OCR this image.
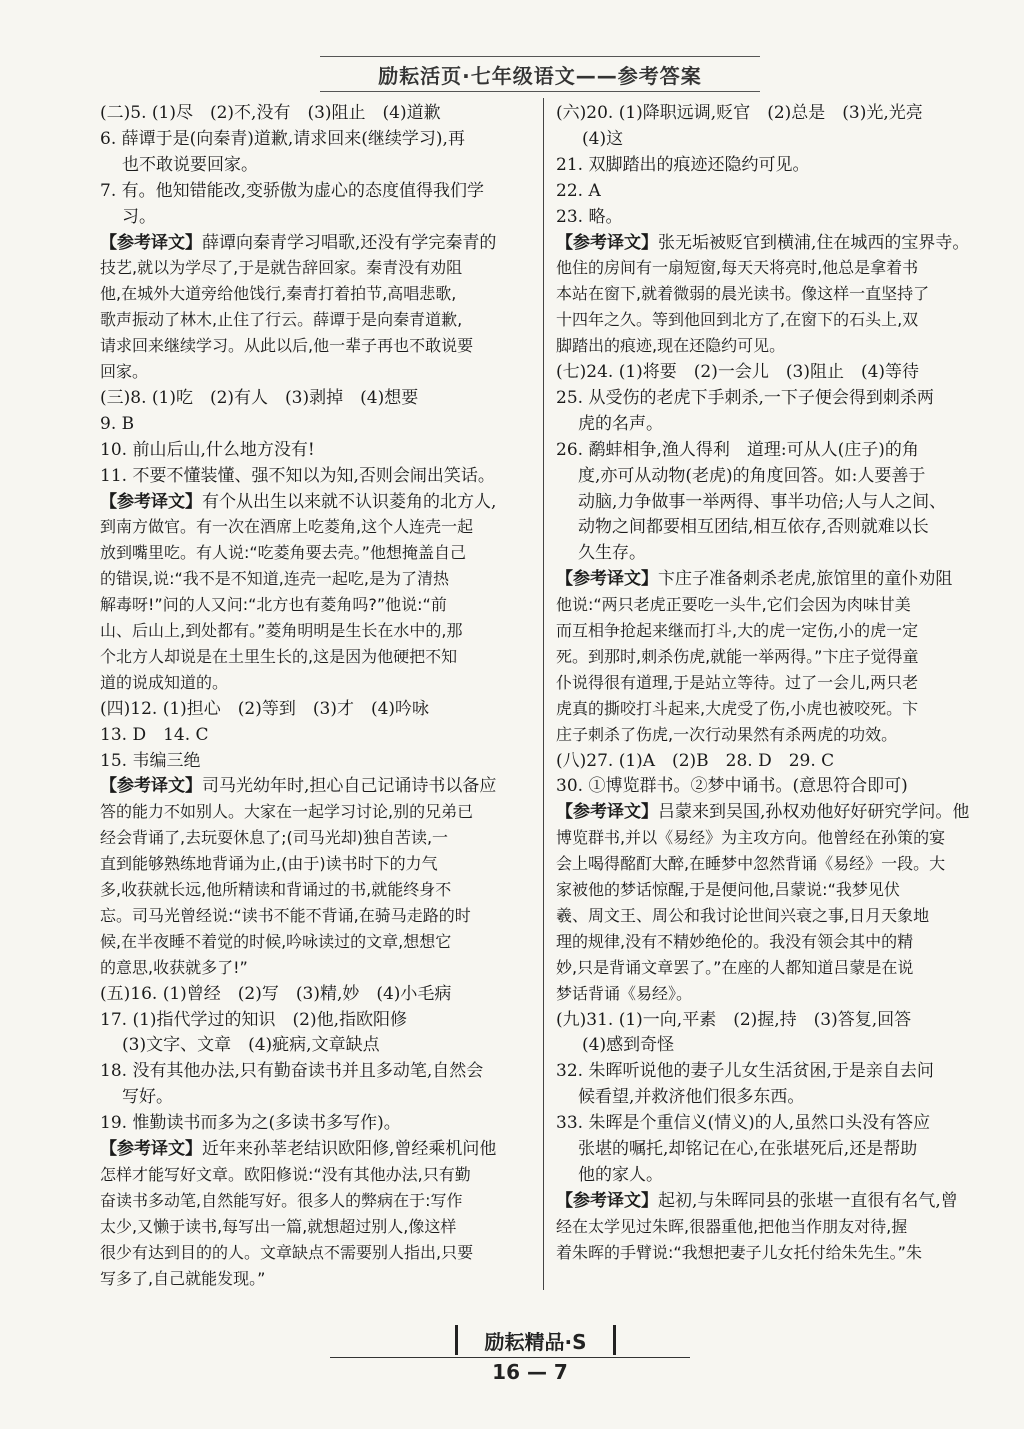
励耘活页·七年级语文——参考答案
(二)5. (1)尽　(2)不,没有　(3)阻止　(4)道歉
6. 薛谭于是(向秦青)道歉,请求回来(继续学习),再
也不敢说要回家。
7. 有。他知错能改,变骄傲为虚心的态度值得我们学
习。
【参考译文】薛谭向秦青学习唱歌,还没有学完秦青的
技艺,就以为学尽了,于是就告辞回家。秦青没有劝阻
他,在城外大道旁给他饯行,秦青打着拍节,高唱悲歌,
歌声振动了林木,止住了行云。薛谭于是向秦青道歉,
请求回来继续学习。从此以后,他一辈子再也不敢说要
回家。
(三)8. (1)吃　(2)有人　(3)剥掉　(4)想要
9. B
10. 前山后山,什么地方没有!
11. 不要不懂装懂、强不知以为知,否则会闹出笑话。
【参考译文】有个从出生以来就不认识菱角的北方人,
到南方做官。有一次在酒席上吃菱角,这个人连壳一起
放到嘴里吃。有人说:“吃菱角要去壳。”他想掩盖自己
的错误,说:“我不是不知道,连壳一起吃,是为了清热
解毒呀!”问的人又问:“北方也有菱角吗?”他说:“前
山、后山上,到处都有。”菱角明明是生长在水中的,那
个北方人却说是在土里生长的,这是因为他硬把不知
道的说成知道的。
(四)12. (1)担心　(2)等到　(3)才　(4)吟咏
13. D　14. C
15. 韦编三绝
【参考译文】司马光幼年时,担心自己记诵诗书以备应
答的能力不如别人。大家在一起学习讨论,别的兄弟已
经会背诵了,去玩耍休息了;(司马光却)独自苦读,一
直到能够熟练地背诵为止,(由于)读书时下的力气
多,收获就长远,他所精读和背诵过的书,就能终身不
忘。司马光曾经说:“读书不能不背诵,在骑马走路的时
候,在半夜睡不着觉的时候,吟咏读过的文章,想想它
的意思,收获就多了!”
(五)16. (1)曾经　(2)写　(3)精,妙　(4)小毛病
17. (1)指代学过的知识　(2)他,指欧阳修
(3)文字、文章　(4)疵病,文章缺点
18. 没有其他办法,只有勤奋读书并且多动笔,自然会
写好。
19. 惟勤读书而多为之(多读书多写作)。
【参考译文】近年来孙莘老结识欧阳修,曾经乘机问他
怎样才能写好文章。欧阳修说:“没有其他办法,只有勤
奋读书多动笔,自然能写好。很多人的弊病在于:写作
太少,又懒于读书,每写出一篇,就想超过别人,像这样
很少有达到目的的人。文章缺点不需要别人指出,只要
写多了,自己就能发现。”
(六)20. (1)降职远调,贬官　(2)总是　(3)光,光亮
(4)这
21. 双脚踏出的痕迹还隐约可见。
22. A
23. 略。
【参考译文】张无垢被贬官到横浦,住在城西的宝界寺。
他住的房间有一扇短窗,每天天将亮时,他总是拿着书
本站在窗下,就着微弱的晨光读书。像这样一直坚持了
十四年之久。等到他回到北方了,在窗下的石头上,双
脚踏出的痕迹,现在还隐约可见。
(七)24. (1)将要　(2)一会儿　(3)阻止　(4)等待
25. 从受伤的老虎下手刺杀,一下子便会得到刺杀两
虎的名声。
26. 鹬蚌相争,渔人得利　道理:可从人(庄子)的角
度,亦可从动物(老虎)的角度回答。如:人要善于
动脑,力争做事一举两得、事半功倍;人与人之间、
动物之间都要相互团结,相互依存,否则就难以长
久生存。
【参考译文】卞庄子准备刺杀老虎,旅馆里的童仆劝阻
他说:“两只老虎正要吃一头牛,它们会因为肉味甘美
而互相争抢起来继而打斗,大的虎一定伤,小的虎一定
死。到那时,刺杀伤虎,就能一举两得。”卞庄子觉得童
仆说得很有道理,于是站立等待。过了一会儿,两只老
虎真的撕咬打斗起来,大虎受了伤,小虎也被咬死。卞
庄子刺杀了伤虎,一次行动果然有杀两虎的功效。
(八)27. (1)A　(2)B　28. D　29. C
30. ①博览群书。②梦中诵书。(意思符合即可)
【参考译文】吕蒙来到吴国,孙权劝他好好研究学问。他
博览群书,并以《易经》为主攻方向。他曾经在孙策的宴
会上喝得酩酊大醉,在睡梦中忽然背诵《易经》一段。大
家被他的梦话惊醒,于是便问他,吕蒙说:“我梦见伏
羲、周文王、周公和我讨论世间兴衰之事,日月天象地
理的规律,没有不精妙绝伦的。我没有领会其中的精
妙,只是背诵文章罢了。”在座的人都知道吕蒙是在说
梦话背诵《易经》。
(九)31. (1)一向,平素　(2)握,持　(3)答复,回答
(4)感到奇怪
32. 朱晖听说他的妻子儿女生活贫困,于是亲自去问
候看望,并救济他们很多东西。
33. 朱晖是个重信义(情义)的人,虽然口头没有答应
张堪的嘱托,却铭记在心,在张堪死后,还是帮助
他的家人。
【参考译文】起初,与朱晖同县的张堪一直很有名气,曾
经在太学见过朱晖,很器重他,把他当作朋友对待,握
着朱晖的手臂说:“我想把妻子儿女托付给朱先生。”朱
励耘精品·S
16 — 7
